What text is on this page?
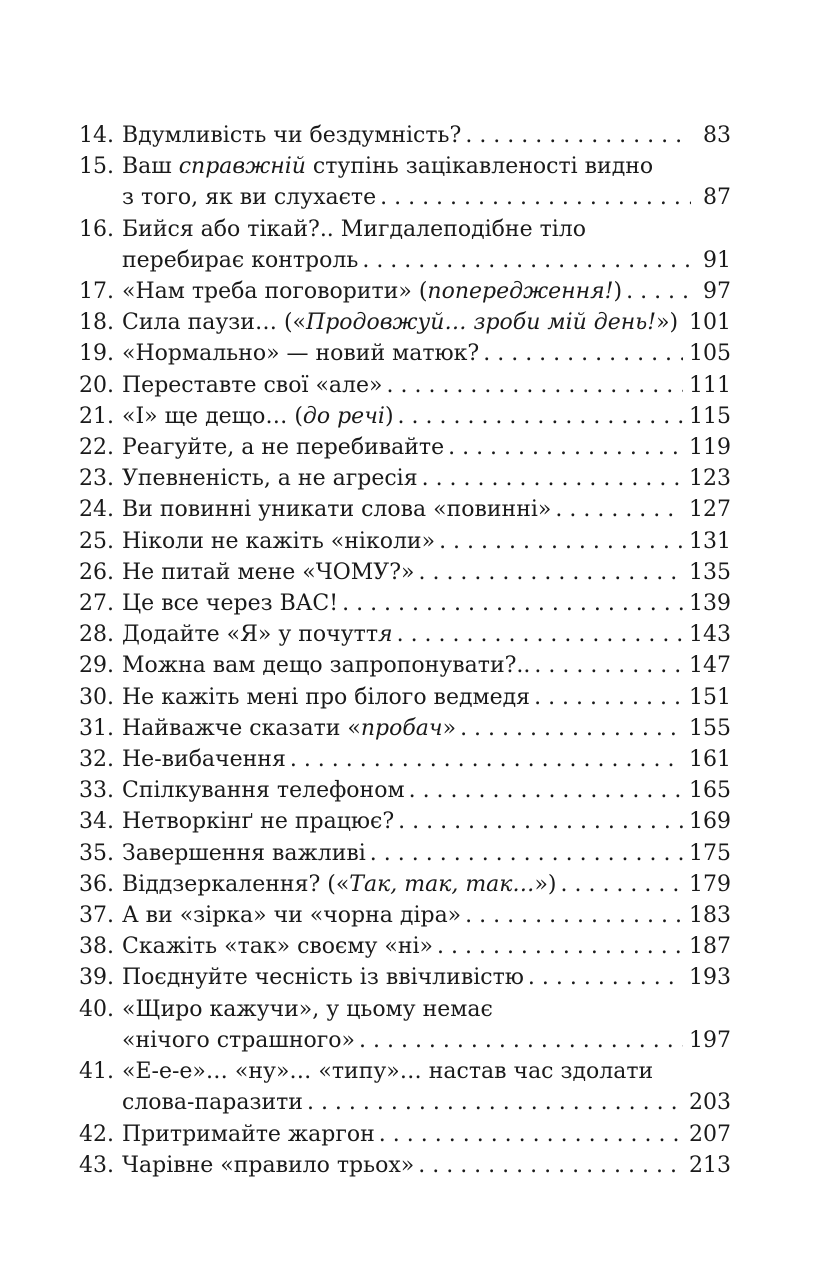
14. Вдумливість чи бездумність? . . .	83
15. Ваш справжній ступінь зацікавленості видно
з того, як ви слухаєте . . .	87
16. Бийся або тікай?.. Мигдалеподібне тіло
перебирає контроль . . .	91
17. «Нам треба поговорити» (попередження!) . . .	97
18. Сила паузи… («Продовжуй… зроби мій день!») . . . 101
19. «Нормально» — новий матюк? . . .	105
20. Переставте свої «але» . . .	111
21. «І» ще дещо… (до речі) . . .	115
22. Реагуйте, а не перебивайте . . .	119
23. Упевненість, а не агресія . . .	123
24. Ви повинні уникати слова «повинні» . . .	127
25. Ніколи не кажіть «ніколи» . . .	131
26. Не питай мене «ЧОМУ?» . . .	135
27. Це все через ВАС! . . .	139
28. Додайте «Я» у почуття . . .	143
29. Можна вам дещо запропонувати?.. . . .	147
30. Не кажіть мені про білого ведмедя . . .	151
31. Найважче сказати «пробач» . . .	155
32. Не-вибачення . . .	161
33. Спілкування телефоном . . .	165
34. Нетворкінґ не працює? . . .	169
35. Завершення важливі . . .	175
36. Віддзеркалення? («Так, так, так…») . . .	179
37. А ви «зірка» чи «чорна діра» . . .	183
38. Скажіть «так» своєму «ні» . . .	187
39. Поєднуйте чесність із ввічливістю . . .	193
40. «Щиро кажучи», у цьому немає
«нічого страшного» . . .	197
41. «Е-е-е»… «ну»… «типу»… настав час здолати
слова-паразити . . .	203
42. Притримайте жаргон . . .	207
43. Чарівне «правило трьох» . . .	213
